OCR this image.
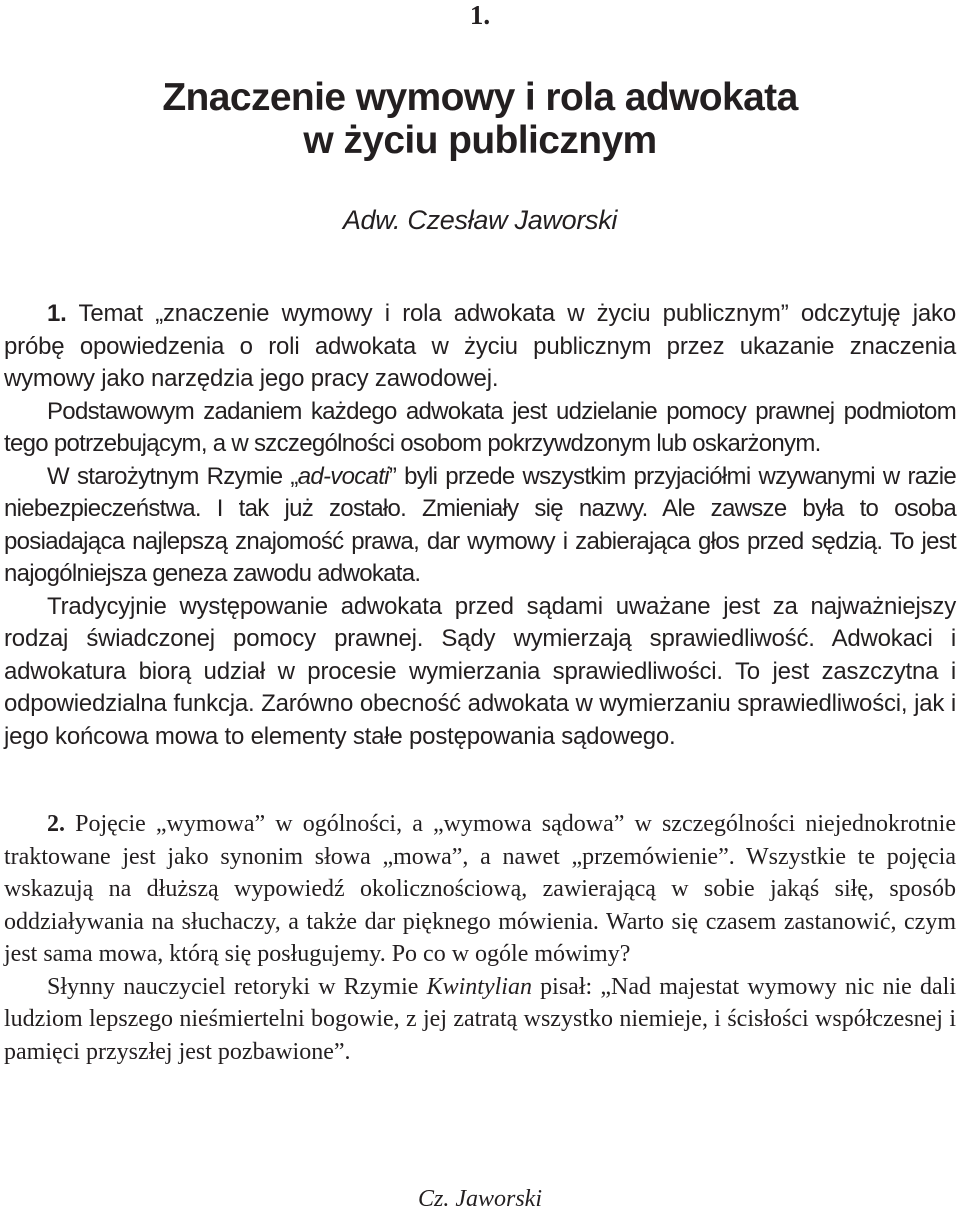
1.
Znaczenie wymowy i rola adwokata
w życiu publicznym
Adw. Czesław Jaworski

1. Temat „znaczenie wymowy i rola adwokata w życiu publicznym” odczytuję jako próbę opowiedzenia o roli adwokata w życiu publicznym przez ukazanie znaczenia wymowy jako narzędzia jego pracy zawodowej.

Podstawowym zadaniem każdego adwokata jest udzielanie pomocy prawnej podmiotom tego potrzebującym, a w szczególności osobom pokrzywdzonym lub oskarżonym.

W starożytnym Rzymie „ad-vocati” byli przede wszystkim przyjaciółmi wzywanymi w razie niebezpieczeństwa. I tak już zostało. Zmieniały się nazwy. Ale zawsze była to osoba posiadająca najlepszą znajomość prawa, dar wymowy i zabierająca głos przed sędzią. To jest najogólniejsza geneza zawodu adwokata.

Tradycyjnie występowanie adwokata przed sądami uważane jest za najważniejszy rodzaj świadczonej pomocy prawnej. Sądy wymierzają sprawiedliwość. Adwokaci i adwokatura biorą udział w procesie wymierzania sprawiedliwości. To jest zaszczytna i odpowiedzialna funkcja. Zarówno obecność adwokata w wymierzaniu sprawiedliwości, jak i jego końcowa mowa to elementy stałe postępowania sądowego.

2. Pojęcie „wymowa” w ogólności, a „wymowa sądowa” w szczególności niejednokrotnie traktowane jest jako synonim słowa „mowa”, a nawet „przemówienie”. Wszystkie te pojęcia wskazują na dłuższą wypowiedź okolicznościową, zawierającą w sobie jakąś siłę, sposób oddziaływania na słuchaczy, a także dar pięknego mówienia. Warto się czasem zastanowić, czym jest sama mowa, którą się posługujemy. Po co w ogóle mówimy?

Słynny nauczyciel retoryki w Rzymie Kwintylian pisał: „Nad majestat wymowy nic nie dali ludziom lepszego nieśmiertelni bogowie, z jej zatratą wszystko niemieje, i ścisłości współczesnej i pamięci przyszłej jest pozbawione”.

Cz. Jaworski
